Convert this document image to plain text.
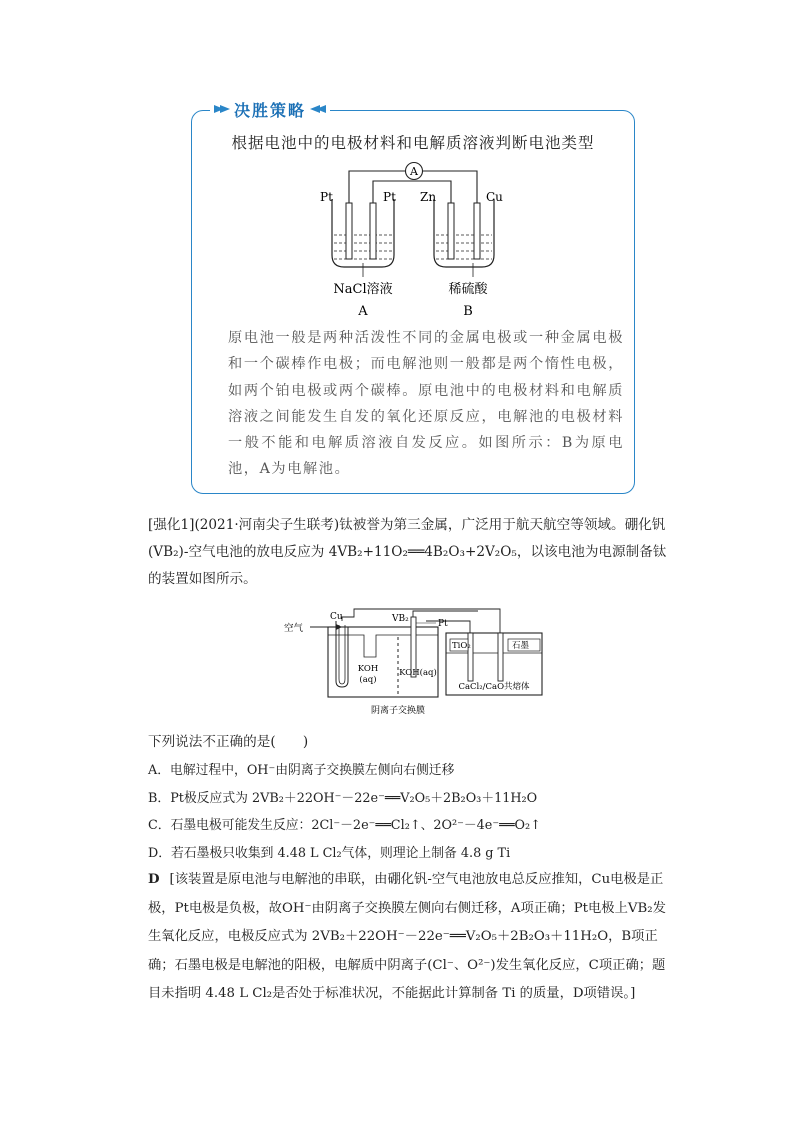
决胜策略
根据电池中的电极材料和电解质溶液判断电池类型
A
Pt	Pt Zn	Cu
NaCl溶液	稀硫酸
A	B
原电池一般是两种活泼性不同的金属电极或一种金属电极和一个碳棒作电极；而电解池则一般都是两个惰性电极，如两个铂电极或两个碳棒。原电池中的电极材料和电解质溶液之间能发生自发的氧化还原反应，电解池的电极材料一般不能和电解质溶液自发反应。如图所示：B为原电池，A为电解池。
[强化1](2021·河南尖子生联考)钛被誉为第三金属，广泛用于航天航空等领域。硼化钒(VB₂)-空气电池的放电反应为 4VB₂+11O₂══4B₂O₃+2V₂O₅，以该电池为电源制备钛的装置如图所示。
空气
Cu	VB₂	Pt
KOH
(aq)
KOH(aq)
TiO₂	石墨
CaCl₂/CaO共熔体
阴离子交换膜
下列说法不正确的是(　　)
A．电解过程中，OH⁻由阴离子交换膜左侧向右侧迁移
B．Pt极反应式为 2VB₂＋22OH⁻－22e⁻══V₂O₅＋2B₂O₃＋11H₂O
C．石墨电极可能发生反应：2Cl⁻－2e⁻══Cl₂↑、2O²⁻－4e⁻══O₂↑
D．若石墨极只收集到 4.48 L Cl₂气体，则理论上制备 4.8 g Ti
D [该装置是原电池与电解池的串联，由硼化钒-空气电池放电总反应推知，Cu电极是正极，Pt电极是负极，故OH⁻由阴离子交换膜左侧向右侧迁移，A项正确；Pt电极上VB₂发生氧化反应，电极反应式为 2VB₂＋22OH⁻－22e⁻══V₂O₅＋2B₂O₃＋11H₂O，B项正确；石墨电极是电解池的阳极，电解质中阴离子(Cl⁻、O²⁻)发生氧化反应，C项正确；题目未指明 4.48 L Cl₂是否处于标准状况，不能据此计算制备 Ti 的质量，D项错误。]
